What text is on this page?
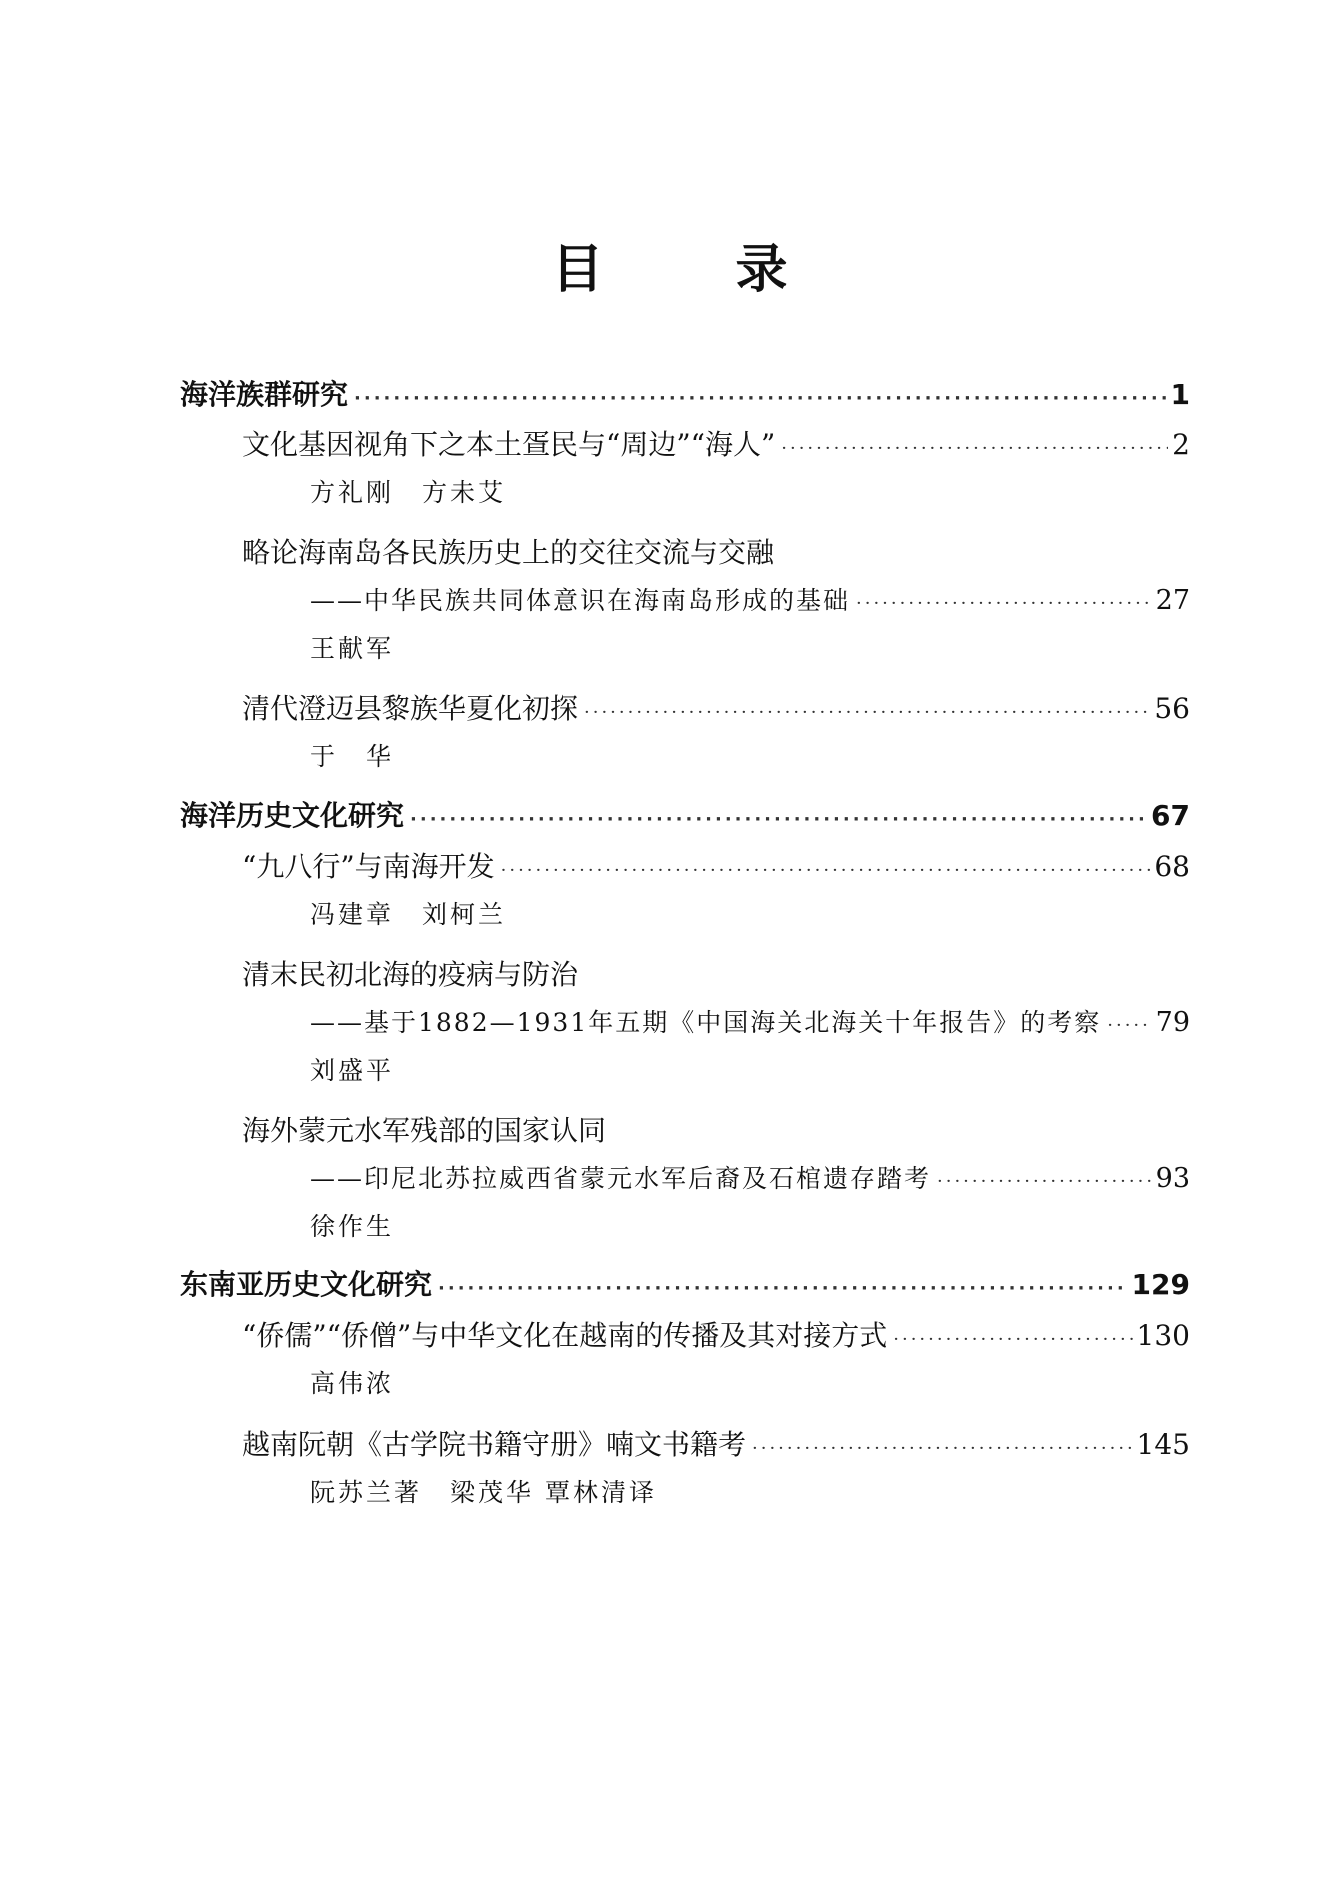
目　录
海洋族群研究 ·····	1
文化基因视角下之本土疍民与“周边”“海人” ·····	2
方礼刚　方未艾
略论海南岛各民族历史上的交往交流与交融
——中华民族共同体意识在海南岛形成的基础 ·····	27
王献军
清代澄迈县黎族华夏化初探 ·····	56
于　华
海洋历史文化研究 ·····	67
“九八行”与南海开发 ·····	68
冯建章　刘柯兰
清末民初北海的疫病与防治
——基于1882—1931年五期《中国海关北海关十年报告》的考察 ····· 79
刘盛平
海外蒙元水军残部的国家认同
——印尼北苏拉威西省蒙元水军后裔及石棺遗存踏考 ·····	93
徐作生
东南亚历史文化研究 ·····	129
“侨儒”“侨僧”与中华文化在越南的传播及其对接方式 ·····	130
高伟浓
越南阮朝《古学院书籍守册》喃文书籍考 ·····	145
阮苏兰著　梁茂华 覃林清译
